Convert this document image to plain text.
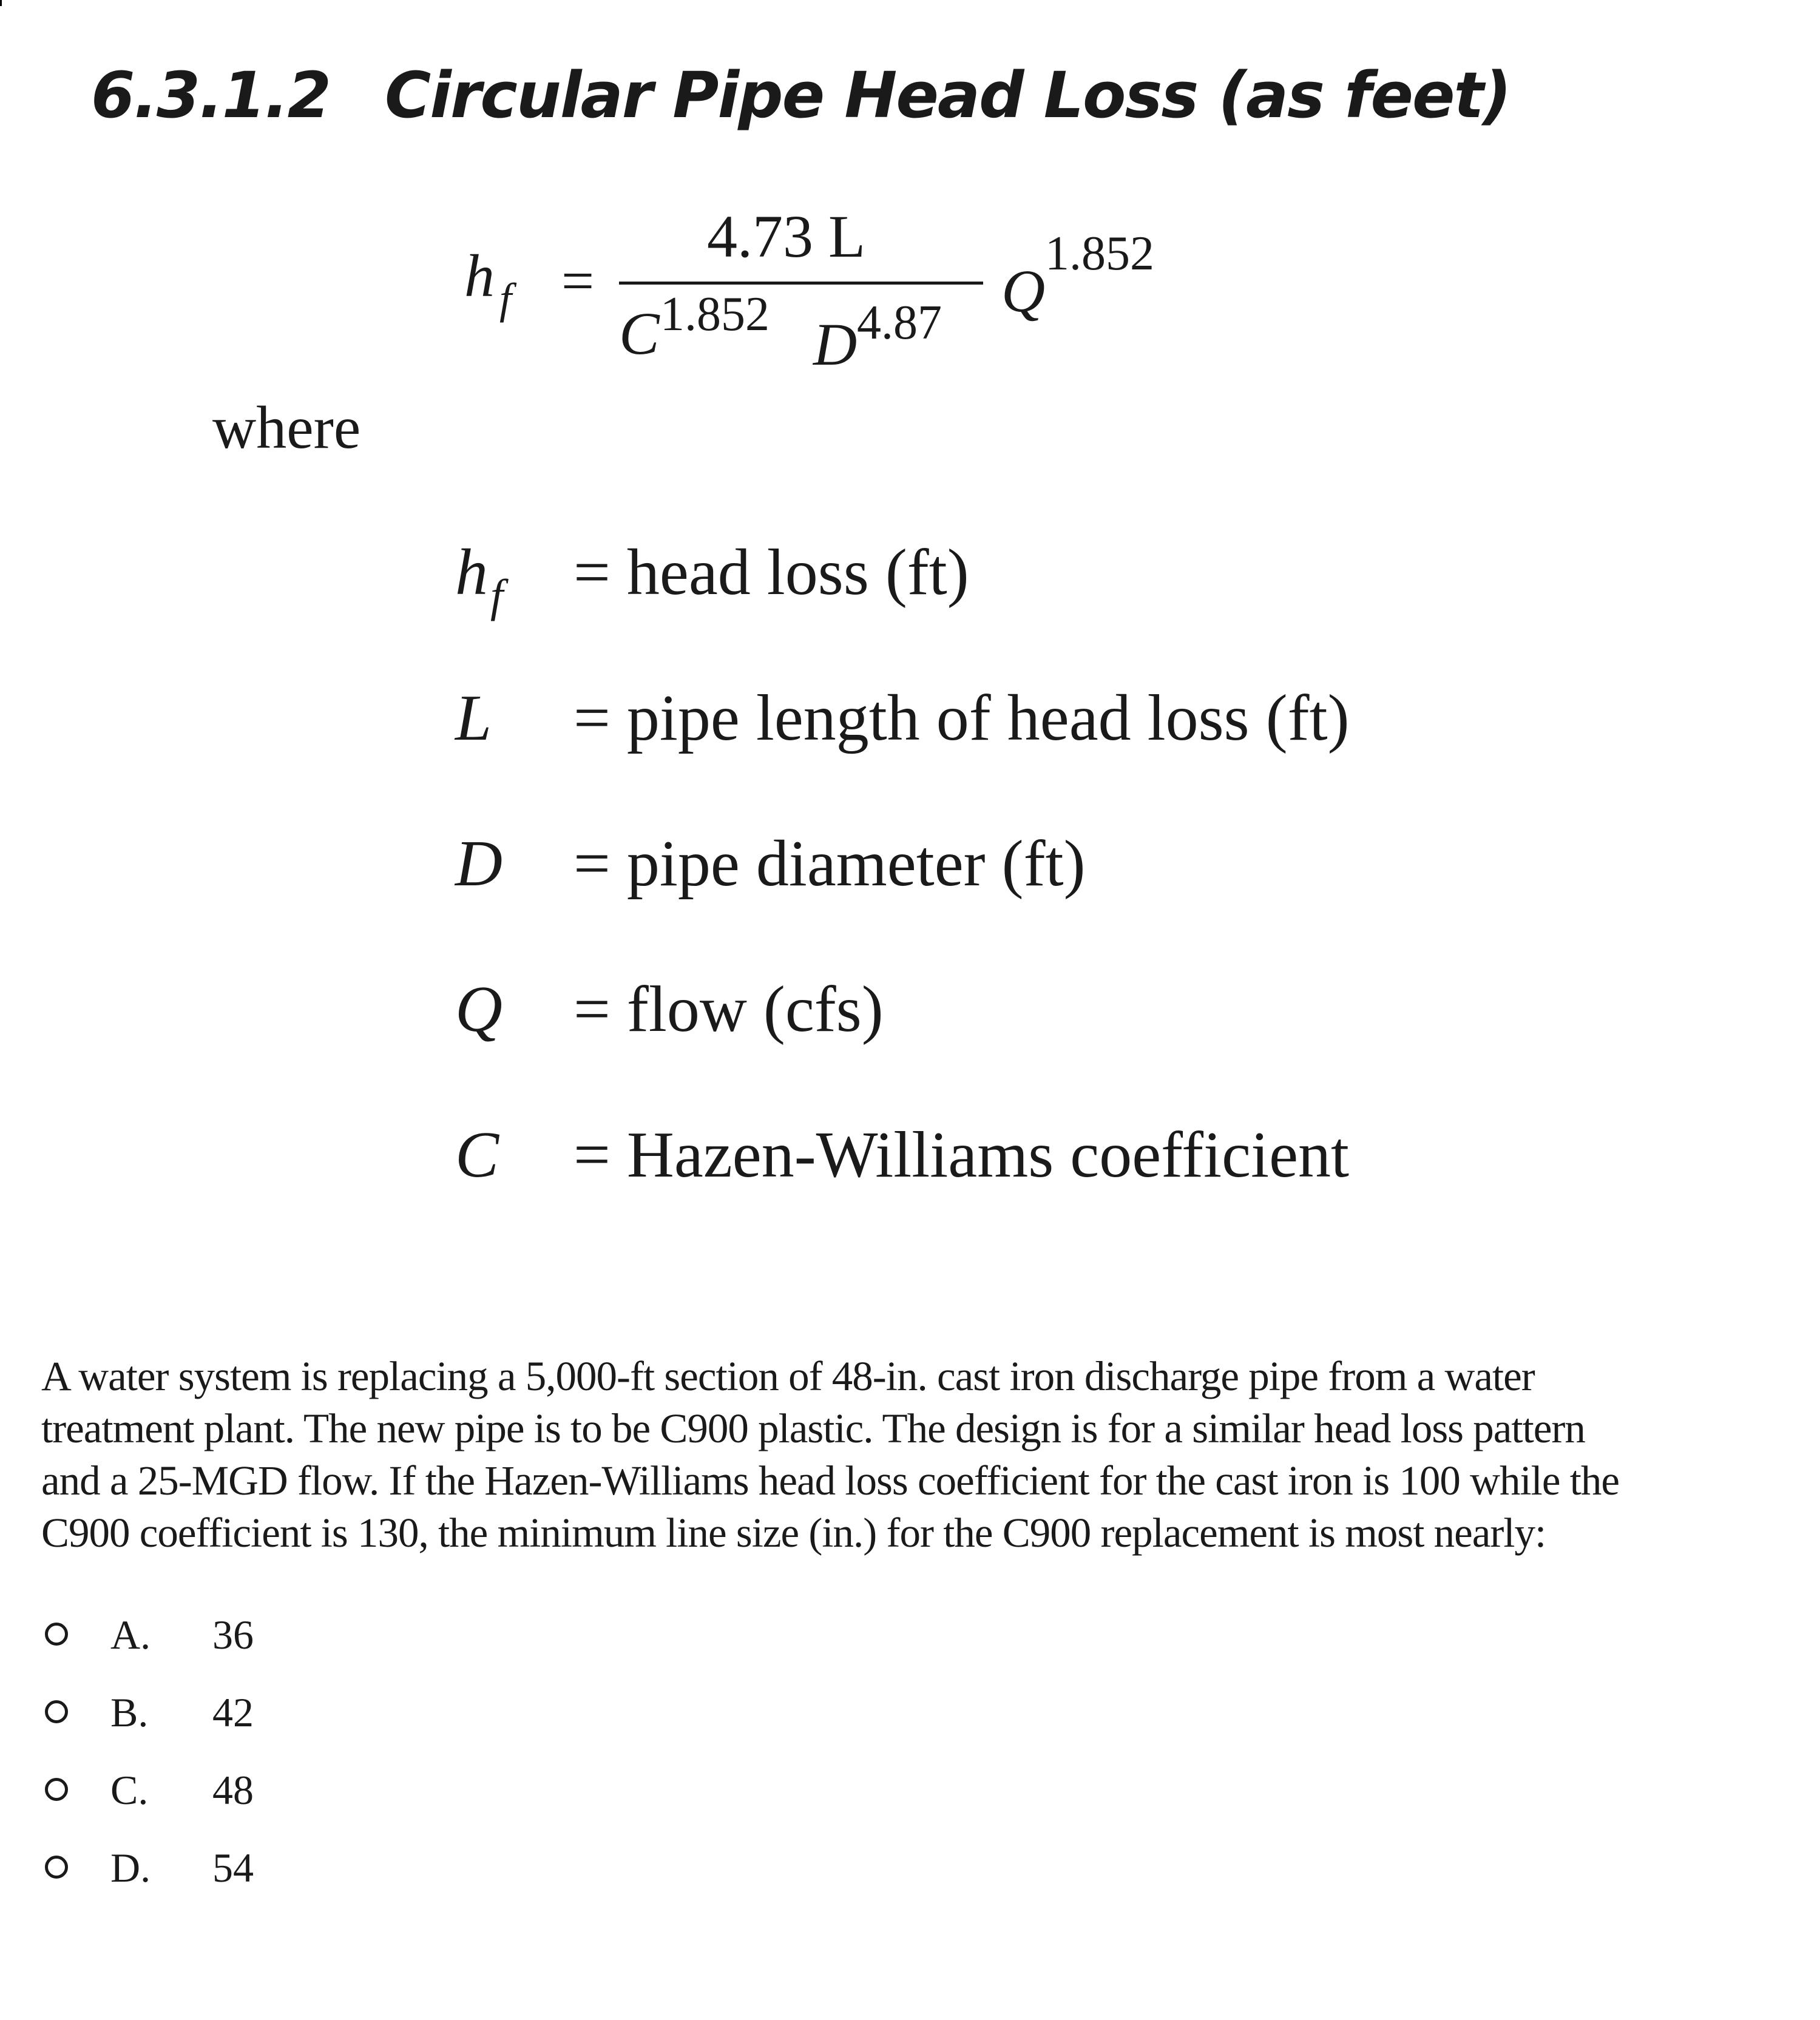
6.3.1.2 Circular Pipe Head Loss (as feet)
h $_f$ =
4.73 L
C 1.852 D 4.87 Q
1.852
where
$h_f$ = head loss (ft)
L = pipe length of head loss (ft)
D = pipe diameter (ft)
Q = flow (cfs)
C = Hazen-Williams coefficient
A water system is replacing a 5,000-ft section of 48-in. cast iron discharge pipe from a water
treatment plant. The new pipe is to be C900 plastic. The design is for a similar head loss pattern
and a 25-MGD flow. If the Hazen-Williams head loss coefficient for the cast iron is 100 while the
C900 coefficient is 130, the minimum line size (in.) for the C900 replacement is most nearly:
A. 36
B. 42
C. 48
D. 54
